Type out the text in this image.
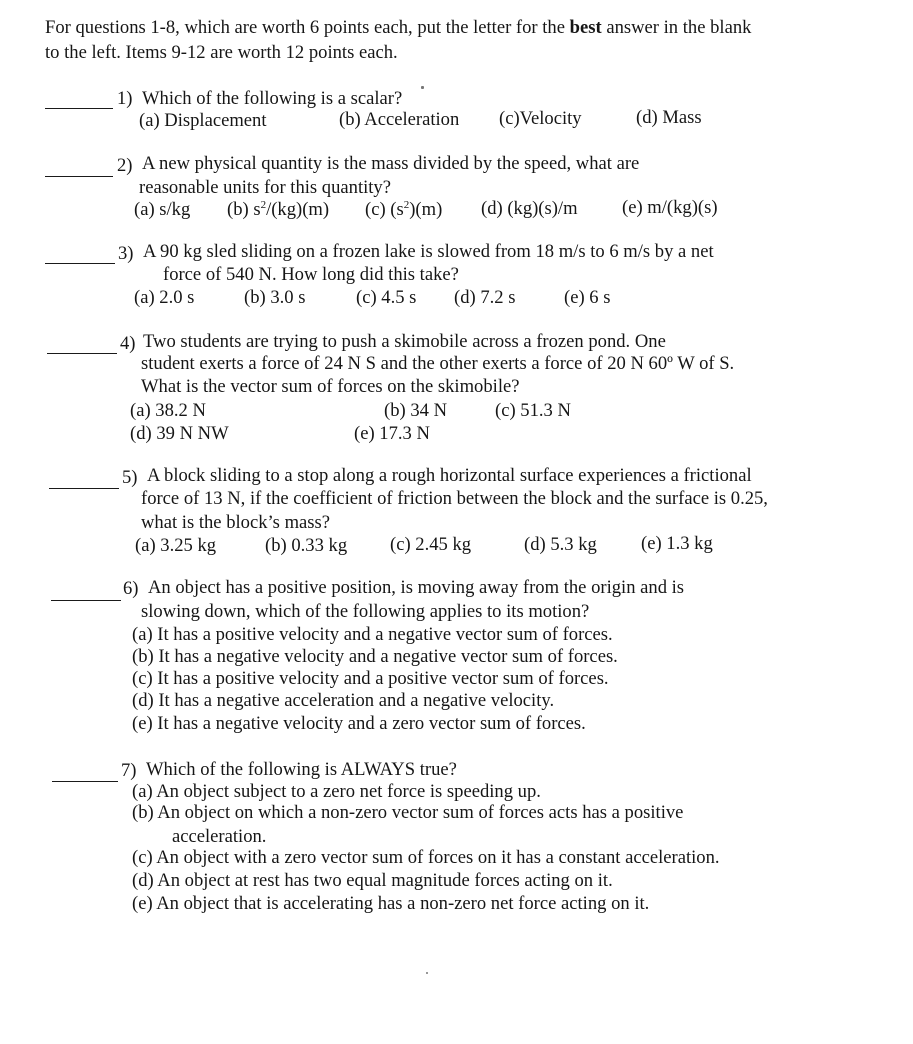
For questions 1-8, which are worth 6 points each, put the letter for the best answer in the blank
to the left. Items 9-12 are worth 12 points each.
1) Which of the following is a scalar?
(a) Displacement	(b) Acceleration (c)Velocity	(d) Mass
2) A new physical quantity is the mass divided by the speed, what are
reasonable units for this quantity?
(a) s/kg (b) $s^2/(kg)(m)$ (c) $(s^2)(m)$ (d) (kg)(s)/m (e) m/(kg)(s)
3) A 90 kg sled sliding on a frozen lake is slowed from 18 m/s to 6 m/s by a net
force of 540 N. How long did this take?
(a) 2.0 s	(b) 3.0 s	(c) 4.5 s (d) 7.2 s	(e) 6 s
4) Two students are trying to push a skimobile across a frozen pond. One
student exerts a force of 24 N S and the other exerts a force of 20 N 60º W of S.
What is the vector sum of forces on the skimobile?
(a) 38.2 N	(b) 34 N	(c) 51.3 N
(d) 39 N NW	(e) 17.3 N
5) A block sliding to a stop along a rough horizontal surface experiences a frictional
force of 13 N, if the coefficient of friction between the block and the surface is 0.25,
what is the block’s mass?
(a) 3.25 kg	(b) 0.33 kg (c) 2.45 kg	(d) 5.3 kg (e) 1.3 kg
6) An object has a positive position, is moving away from the origin and is
slowing down, which of the following applies to its motion?
(a) It has a positive velocity and a negative vector sum of forces.
(b) It has a negative velocity and a negative vector sum of forces.
(c) It has a positive velocity and a positive vector sum of forces.
(d) It has a negative acceleration and a negative velocity.
(e) It has a negative velocity and a zero vector sum of forces.
7) Which of the following is ALWAYS true?
(a) An object subject to a zero net force is speeding up.
(b) An object on which a non-zero vector sum of forces acts has a positive
acceleration.
(c) An object with a zero vector sum of forces on it has a constant acceleration.
(d) An object at rest has two equal magnitude forces acting on it.
(e) An object that is accelerating has a non-zero net force acting on it.
